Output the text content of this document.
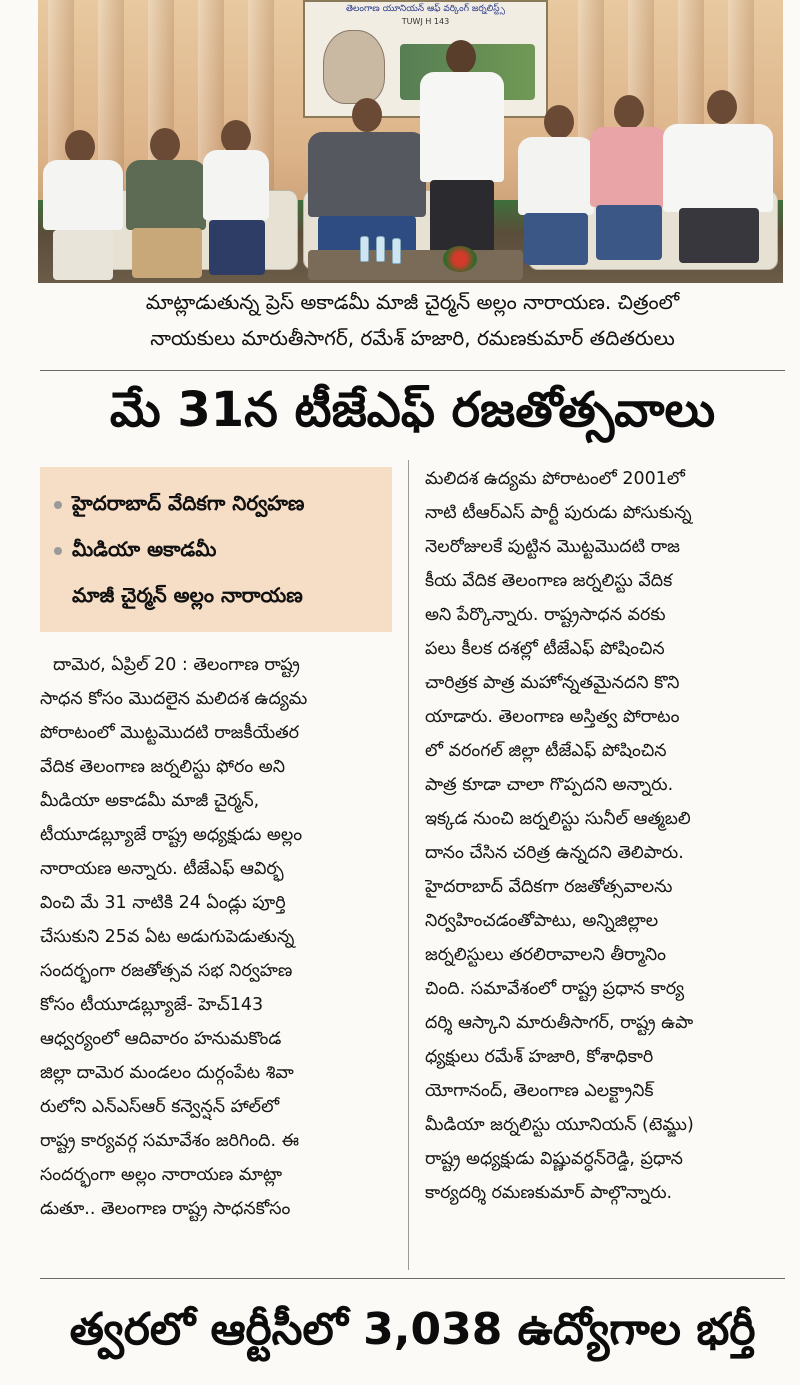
తెలంగాణ యూనియన్ ఆఫ్ వర్కింగ్ జర్నలిస్ట్స్
TUWJ H 143
మాట్లాడుతున్న ప్రెస్ అకాడమీ మాజీ చైర్మన్ అల్లం నారాయణ. చిత్రంలో
నాయకులు మారుతీసాగర్, రమేశ్ హజారి, రమణకుమార్ తదితరులు
మే 31న టీజేఎఫ్ రజతోత్సవాలు
హైదరాబాద్ వేదికగా నిర్వహణ
మీడియా అకాడమీ
మాజీ చైర్మన్ అల్లం నారాయణ
దామెర, ఏప్రిల్ 20 : తెలంగాణ రాష్ట్ర
సాధన కోసం మొదలైన మలిదశ ఉద్యమ
పోరాటంలో మొట్టమొదటి రాజకీయేతర
వేదిక తెలంగాణ జర్నలిస్టు ఫోరం అని
మీడియా అకాడమీ మాజీ చైర్మన్,
టీయూడబ్ల్యూజే రాష్ట్ర అధ్యక్షుడు అల్లం
నారాయణ అన్నారు. టీజేఎఫ్ ఆవిర్భ
వించి మే 31 నాటికి 24 ఏండ్లు పూర్తి
చేసుకుని 25వ ఏట అడుగుపెడుతున్న
సందర్భంగా రజతోత్సవ సభ నిర్వహణ
కోసం టీయూడబ్ల్యూజే- హెచ్143
ఆధ్వర్యంలో ఆదివారం హనుమకొండ
జిల్లా దామెర మండలం దుర్గంపేట శివా
రులోని ఎన్ఎస్ఆర్ కన్వెన్షన్ హాల్‌లో
రాష్ట్ర కార్యవర్గ సమావేశం జరిగింది. ఈ
సందర్భంగా అల్లం నారాయణ మాట్లా
డుతూ.. తెలంగాణ రాష్ట్ర సాధనకోసం
మలిదశ ఉద్యమ పోరాటంలో 2001లో
నాటి టీఆర్ఎస్ పార్టీ పురుడు పోసుకున్న
నెలరోజులకే పుట్టిన మొట్టమొదటి రాజ
కీయ వేదిక తెలంగాణ జర్నలిస్టు వేదిక
అని పేర్కొన్నారు. రాష్ట్రసాధన వరకు
పలు కీలక దశల్లో టీజేఎఫ్ పోషించిన
చారిత్రక పాత్ర మహోన్నతమైనదని కొని
యాడారు. తెలంగాణ అస్తిత్వ పోరాటం
లో వరంగల్ జిల్లా టీజేఎఫ్ పోషించిన
పాత్ర కూడా చాలా గొప్పదని అన్నారు.
ఇక్కడ నుంచి జర్నలిస్టు సునీల్ ఆత్మబలి
దానం చేసిన చరిత్ర ఉన్నదని తెలిపారు.
హైదరాబాద్ వేదికగా రజతోత్సవాలను
నిర్వహించడంతోపాటు, అన్నిజిల్లాల
జర్నలిస్టులు తరలిరావాలని తీర్మానిం
చింది. సమావేశంలో రాష్ట్ర ప్రధాన కార్య
దర్శి ఆస్కాని మారుతీసాగర్, రాష్ట్ర ఉపా
ధ్యక్షులు రమేశ్ హజారి, కోశాధికారి
యోగానంద్, తెలంగాణ ఎలక్ట్రానిక్
మీడియా జర్నలిస్టు యూనియన్ (టెమ్జు)
రాష్ట్ర అధ్యక్షుడు విష్ణువర్ధన్‌రెడ్డి, ప్రధాన
కార్యదర్శి రమణకుమార్ పాల్గొన్నారు.
త్వరలో ఆర్టీసీలో 3,038 ఉద్యోగాల భర్తీ
